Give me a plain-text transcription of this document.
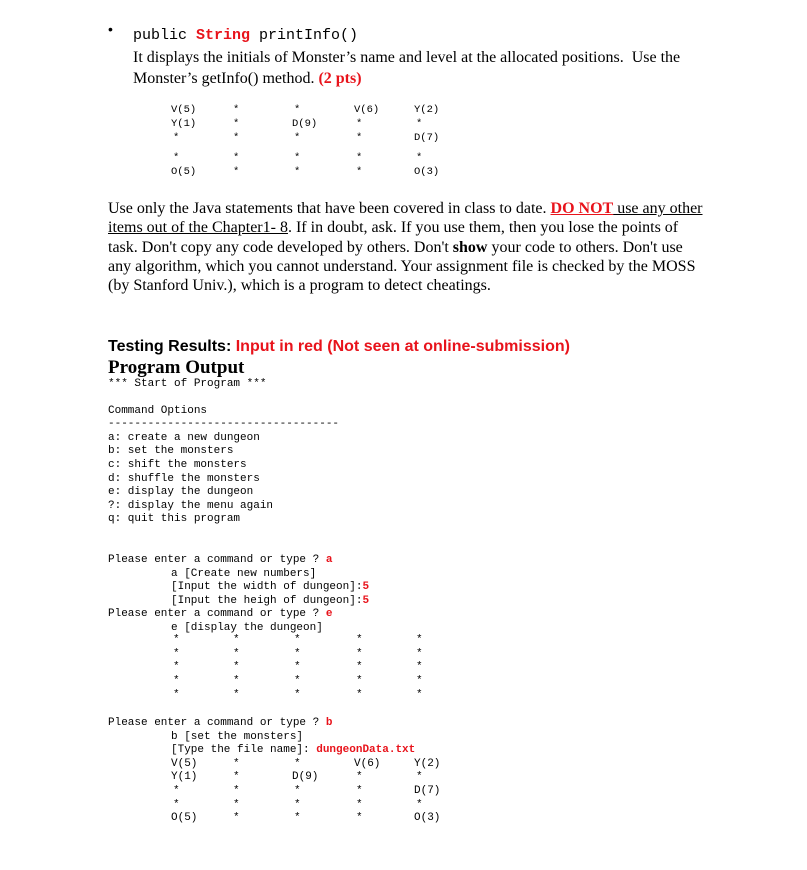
• public String printInfo()
It displays the initials of Monster’s name and level at the allocated positions.  Use the
Monster’s getInfo() method. (2 pts)
V(5)	*	*	V(6)	Y(2)
Y(1)	*	D(9)	*	*
*	*	*	*	D(7)
*	*	*	*	*
O(5)	*	*	*	O(3)
Use only the Java statements that have been covered in class to date. DO NOT use any other items out of the Chapter1- 8. If in doubt, ask. If you use them, then you lose the points of task. Don't copy any code developed by others. Don't show your code to others. Don't use any algorithm, which you cannot understand. Your assignment file is checked by the MOSS (by Stanford Univ.), which is a program to detect cheatings.
Testing Results: Input in red (Not seen at online-submission)
Program Output
*** Start of Program ***
Command Options
-----------------------------------
a: create a new dungeon
b: set the monsters
c: shift the monsters
d: shuffle the monsters
e: display the dungeon
?: display the menu again
q: quit this program
Please enter a command or type ? a
a [Create new numbers]
[Input the width of dungeon]:5
[Input the heigh of dungeon]:5
Please enter a command or type ? e
e [display the dungeon]
*	*	*	*	*
*	*	*	*	*
*	*	*	*	*
*	*	*	*	*
*	*	*	*	*
Please enter a command or type ? b
b [set the monsters]
[Type the file name]: dungeonData.txt
V(5)	*	*	V(6)	Y(2)
Y(1)	*	D(9)	*	*
*	*	*	*	D(7)
*	*	*	*	*
O(5)	*	*	*	O(3)
